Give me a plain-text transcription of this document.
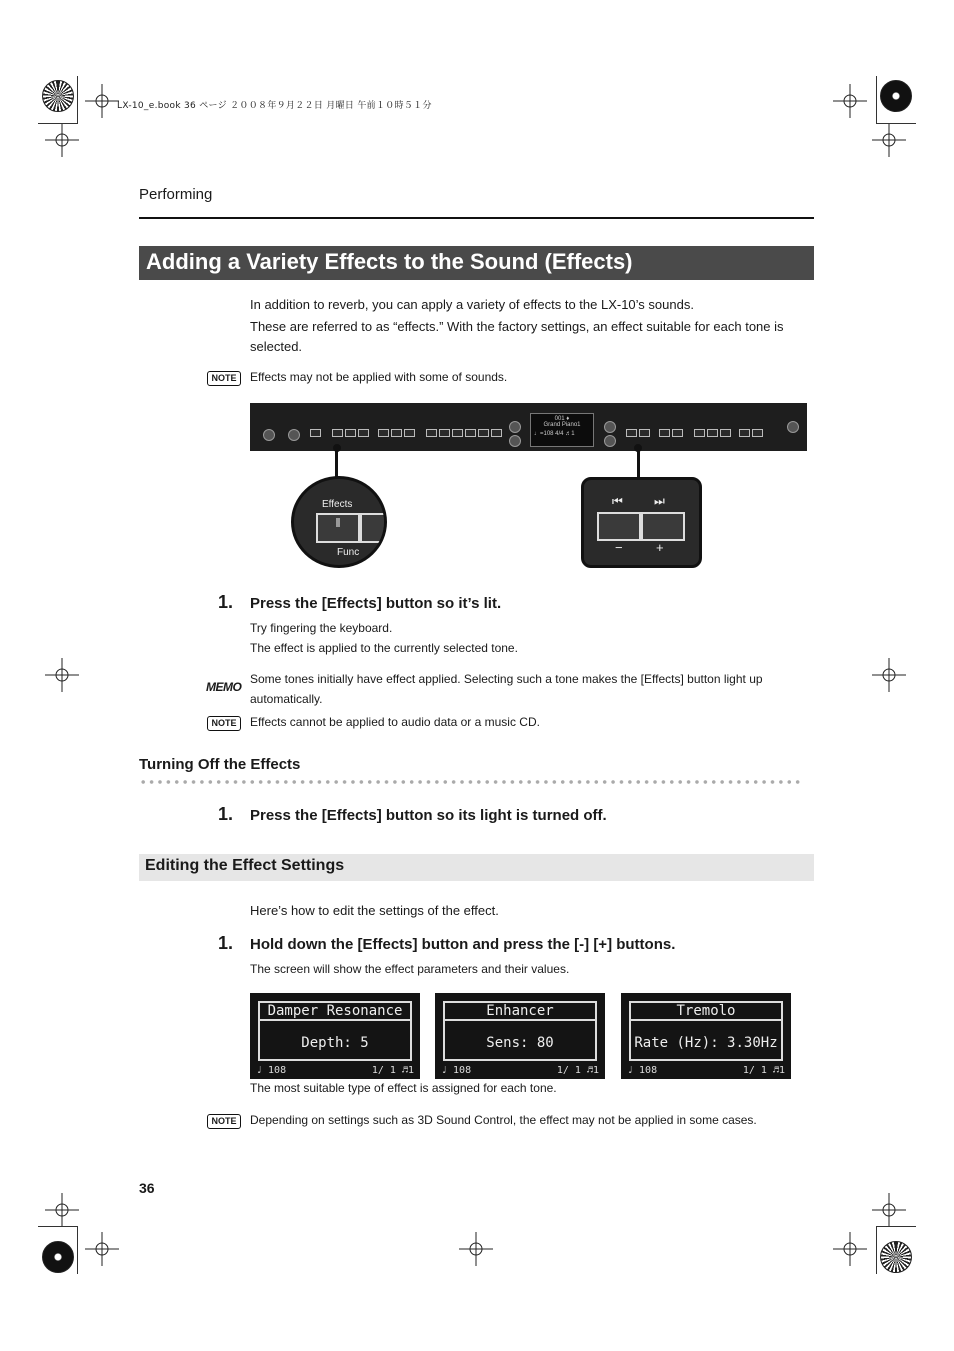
LX-10_e.book 36 ページ ２００８年９月２２日 月曜日 午前１０時５１分
Performing
Adding a Variety Effects to the Sound (Effects)
In addition to reverb, you can apply a variety of effects to the LX-10’s sounds.
These are referred to as “effects.” With the factory settings, an effect suitable for each tone is selected.
NOTE	Effects may not be applied with some of sounds.
001 ♦
Grand Piano1
♩=108 4/4 ♬1
Effects
Func
⏮	⏭
−	+
1. Press the [Effects] button so it’s lit.
Try fingering the keyboard.
The effect is applied to the currently selected tone.
MEMO
Some tones initially have effect applied. Selecting such a tone makes the [Effects] button light up automatically.
NOTE	Effects cannot be applied to audio data or a music CD.
Turning Off the Effects
1. Press the [Effects] button so its light is turned off.
Editing the Effect Settings
Here’s how to edit the settings of the effect.
1. Hold down the [Effects] button and press the [-] [+] buttons.
The screen will show the effect parameters and their values.
Damper Resonance
Depth: 5
♩ 108	1/ 1 ♬1
Enhancer
Sens: 80
♩ 108	1/ 1 ♬1
Tremolo
Rate (Hz): 3.30Hz
♩ 108	1/ 1 ♬1
The most suitable type of effect is assigned for each tone.
NOTE	Depending on settings such as 3D Sound Control, the effect may not be applied in some cases.
36
